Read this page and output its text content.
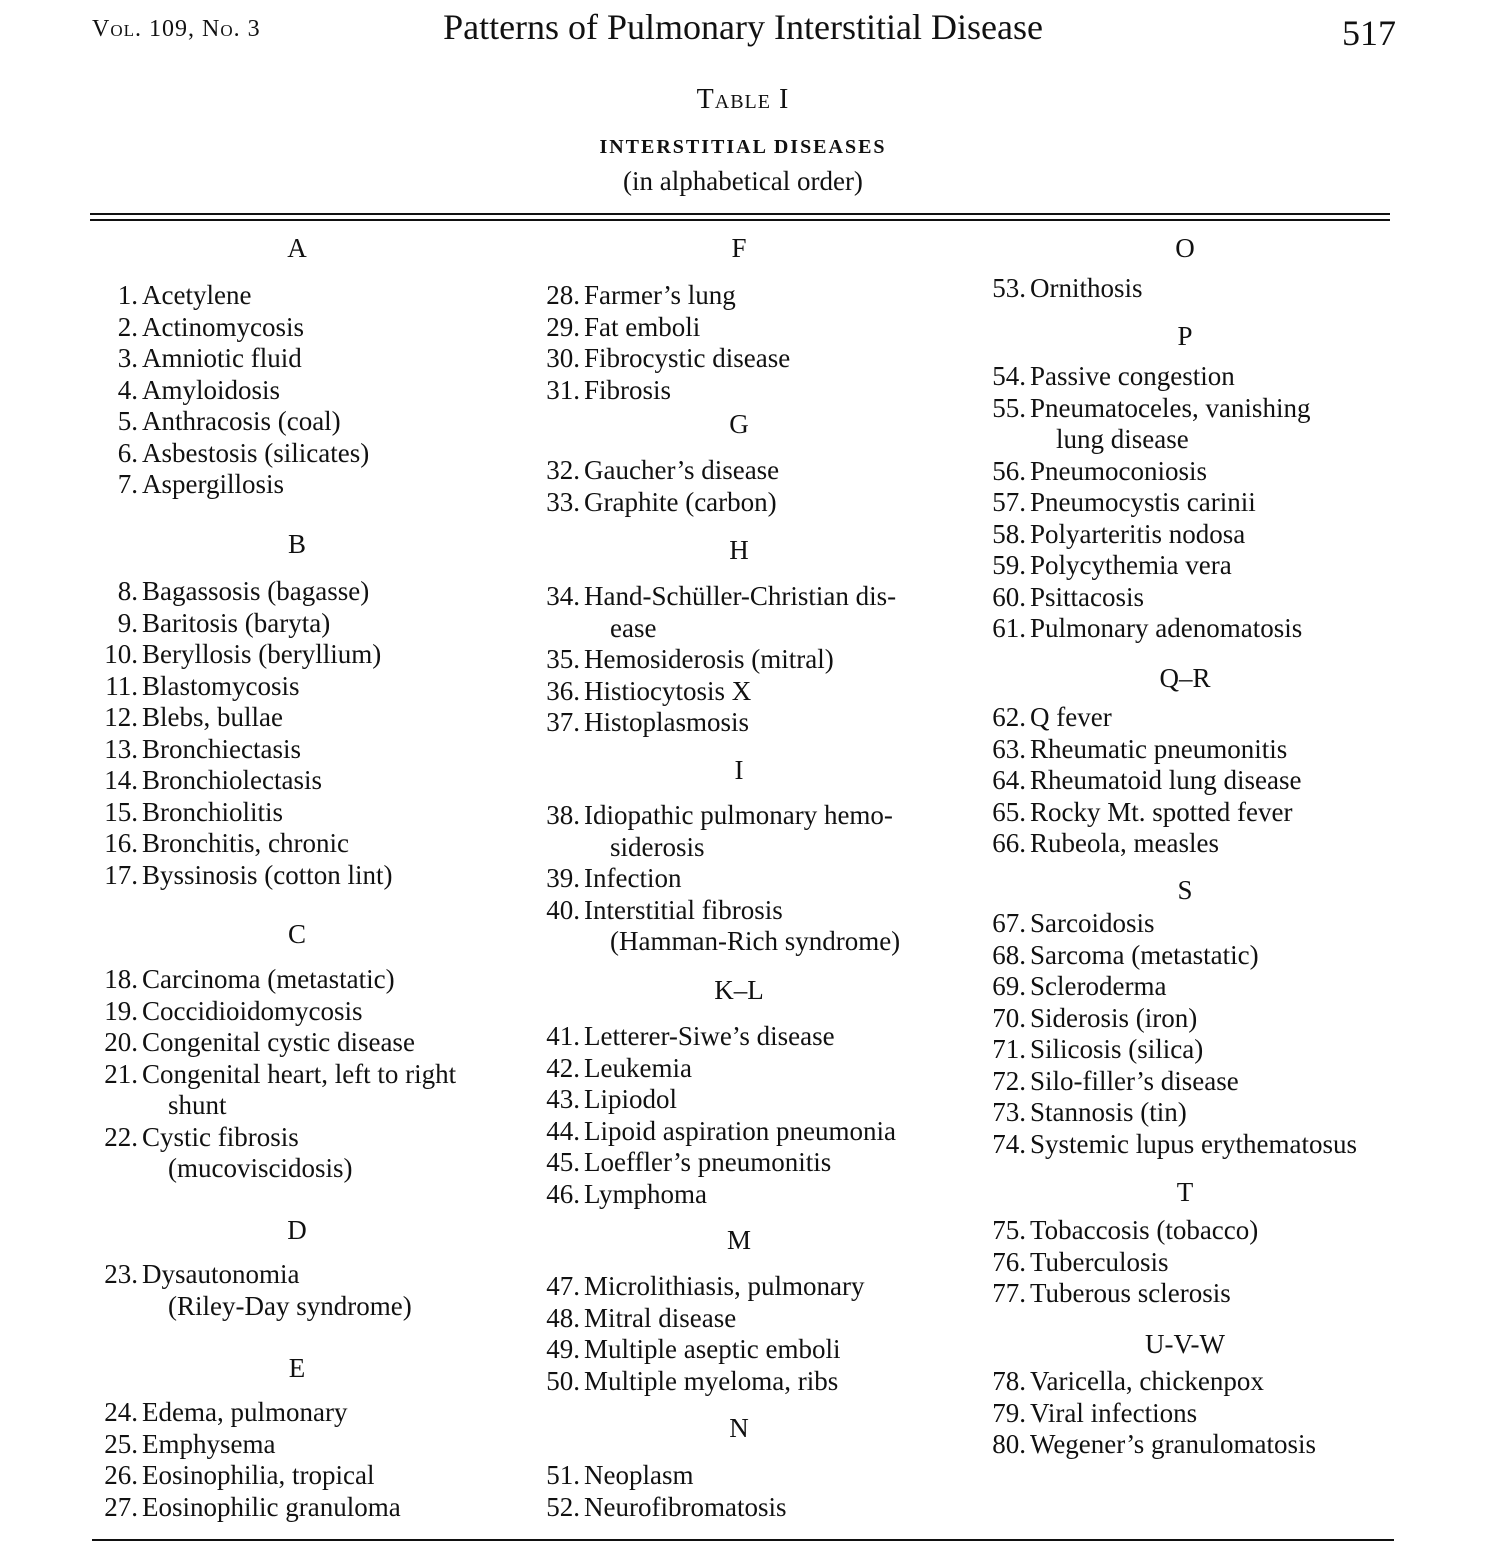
Vol. 109, No. 3	Patterns of Pulmonary Interstitial Disease	517
Table I
INTERSTITIAL DISEASES
(in alphabetical order)
A
1. Acetylene
2. Actinomycosis
3. Amniotic fluid
4. Amyloidosis
5. Anthracosis (coal)
6. Asbestosis (silicates)
7. Aspergillosis
B
8. Bagassosis (bagasse)
9. Baritosis (baryta)
10. Beryllosis (beryllium)
11. Blastomycosis
12. Blebs, bullae
13. Bronchiectasis
14. Bronchiolectasis
15. Bronchiolitis
16. Bronchitis, chronic
17. Byssinosis (cotton lint)
C
18. Carcinoma (metastatic)
19. Coccidioidomycosis
20. Congenital cystic disease
21. Congenital heart, left to right
shunt
22. Cystic fibrosis
(mucoviscidosis)
D
23. Dysautonomia
(Riley-Day syndrome)
E
24. Edema, pulmonary
25. Emphysema
26. Eosinophilia, tropical
27. Eosinophilic granuloma
F
28. Farmer’s lung
29. Fat emboli
30. Fibrocystic disease
31. Fibrosis
G
32. Gaucher’s disease
33. Graphite (carbon)
H
34. Hand-Schüller-Christian dis-
ease
35. Hemosiderosis (mitral)
36. Histiocytosis X
37. Histoplasmosis
I
38. Idiopathic pulmonary hemo-
siderosis
39. Infection
40. Interstitial fibrosis
(Hamman-Rich syndrome)
K–L
41. Letterer-Siwe’s disease
42. Leukemia
43. Lipiodol
44. Lipoid aspiration pneumonia
45. Loeffler’s pneumonitis
46. Lymphoma
M
47. Microlithiasis, pulmonary
48. Mitral disease
49. Multiple aseptic emboli
50. Multiple myeloma, ribs
N
51. Neoplasm
52. Neurofibromatosis
O
53. Ornithosis
P
54. Passive congestion
55. Pneumatoceles, vanishing
lung disease
56. Pneumoconiosis
57. Pneumocystis carinii
58. Polyarteritis nodosa
59. Polycythemia vera
60. Psittacosis
61. Pulmonary adenomatosis
Q–R
62. Q fever
63. Rheumatic pneumonitis
64. Rheumatoid lung disease
65. Rocky Mt. spotted fever
66. Rubeola, measles
S
67. Sarcoidosis
68. Sarcoma (metastatic)
69. Scleroderma
70. Siderosis (iron)
71. Silicosis (silica)
72. Silo-filler’s disease
73. Stannosis (tin)
74. Systemic lupus erythematosus
T
75. Tobaccosis (tobacco)
76. Tuberculosis
77. Tuberous sclerosis
U-V-W
78. Varicella, chickenpox
79. Viral infections
80. Wegener’s granulomatosis
